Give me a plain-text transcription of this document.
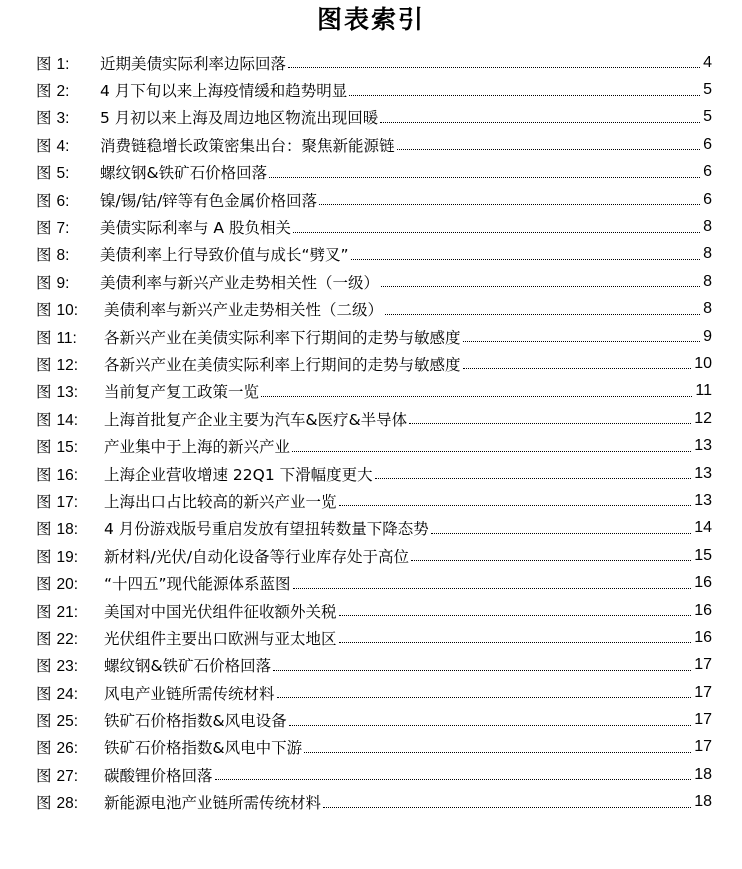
图表索引
图 1:	近期美债实际利率边际回落	4
图 2:	4 月下旬以来上海疫情缓和趋势明显	5
图 3:	5 月初以来上海及周边地区物流出现回暖	5
图 4:	消费链稳增长政策密集出台：聚焦新能源链	6
图 5:	螺纹钢&铁矿石价格回落	6
图 6:	镍/锡/钴/锌等有色金属价格回落	6
图 7:	美债实际利率与 A 股负相关	8
图 8:	美债利率上行导致价值与成长“劈叉”	8
图 9:	美债利率与新兴产业走势相关性（一级）	8
图 10:	美债利率与新兴产业走势相关性（二级）	8
图 11:	各新兴产业在美债实际利率下行期间的走势与敏感度	9
图 12:	各新兴产业在美债实际利率上行期间的走势与敏感度	10
图 13:	当前复产复工政策一览	11
图 14:	上海首批复产企业主要为汽车&医疗&半导体	12
图 15:	产业集中于上海的新兴产业	13
图 16:	上海企业营收增速 22Q1 下滑幅度更大	13
图 17:	上海出口占比较高的新兴产业一览	13
图 18:	4 月份游戏版号重启发放有望扭转数量下降态势	14
图 19:	新材料/光伏/自动化设备等行业库存处于高位	15
图 20:	“十四五”现代能源体系蓝图	16
图 21:	美国对中国光伏组件征收额外关税	16
图 22:	光伏组件主要出口欧洲与亚太地区	16
图 23:	螺纹钢&铁矿石价格回落	17
图 24:	风电产业链所需传统材料	17
图 25:	铁矿石价格指数&风电设备	17
图 26:	铁矿石价格指数&风电中下游	17
图 27:	碳酸锂价格回落	18
图 28:	新能源电池产业链所需传统材料	18
